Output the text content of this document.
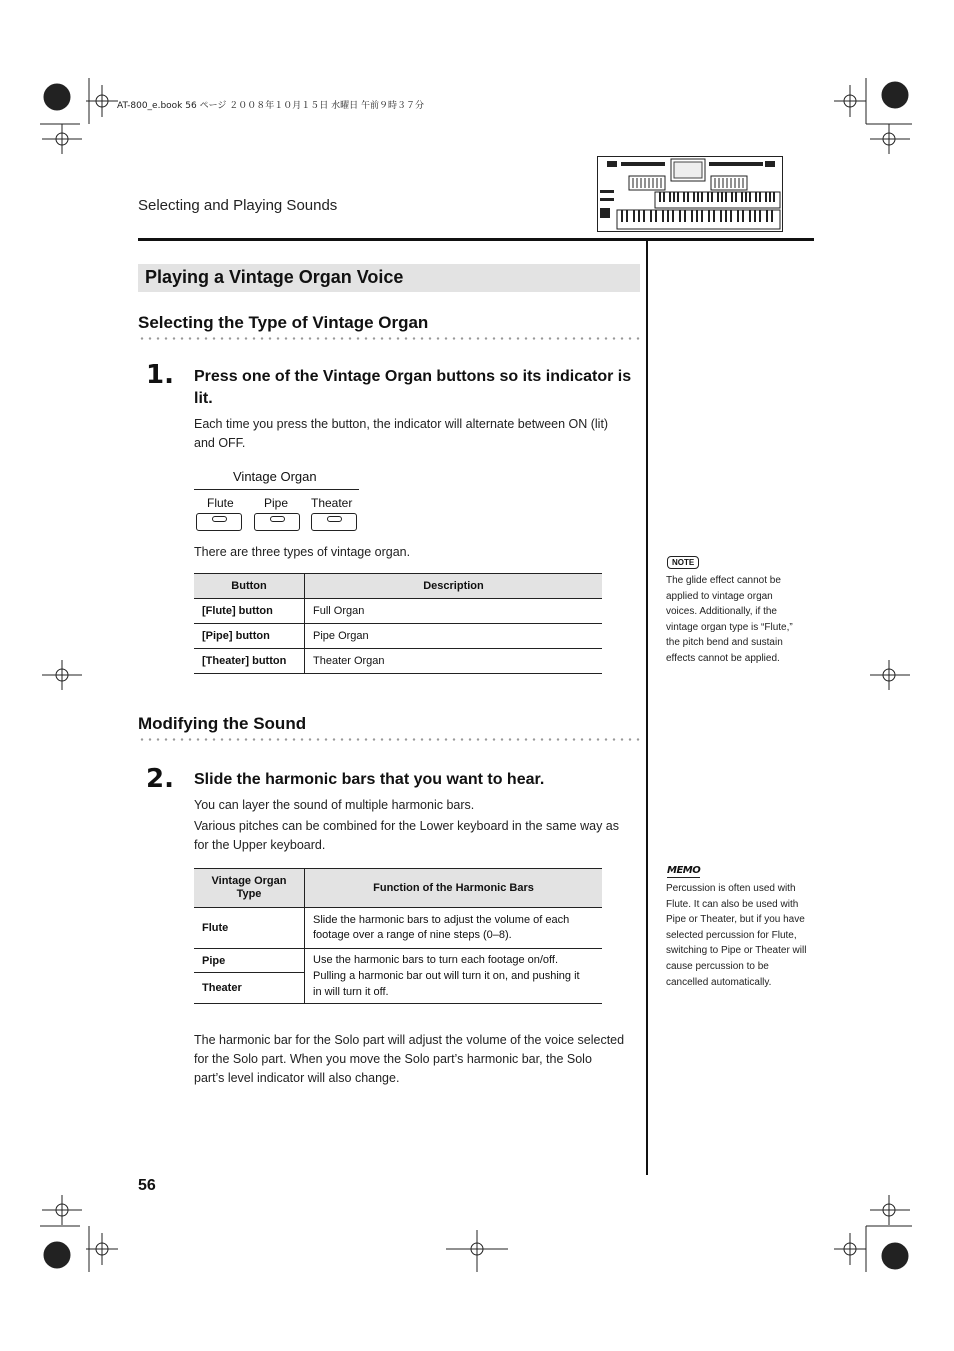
AT-800_e.book 56 ページ ２００８年１０月１５日 水曜日 午前９時３７分
Selecting and Playing Sounds
Playing a Vintage Organ Voice
Selecting the Type of Vintage Organ
1. Press one of the Vintage Organ buttons so its indicator is
lit.
Each time you press the button, the indicator will alternate between ON (lit)
and OFF.
Vintage Organ
Flute	Pipe Theater
There are three types of vintage organ.
Button	Description
[Flute] button	Full Organ
[Pipe] button	Pipe Organ
[Theater] button	Theater Organ
Modifying the Sound
2. Slide the harmonic bars that you want to hear.
You can layer the sound of multiple harmonic bars.
Various pitches can be combined for the Lower keyboard in the same way as
for the Upper keyboard.
Vintage Organ
Type	Function of the Harmonic Bars
Flute	Slide the harmonic bars to adjust the volume of each
footage over a range of nine steps (0–8).
Pipe	Use the harmonic bars to turn each footage on/off.
Pulling a harmonic bar out will turn it on, and pushing it
in will turn it off.
Theater	
The harmonic bar for the Solo part will adjust the volume of the voice selected
for the Solo part. When you move the Solo part’s harmonic bar, the Solo
part’s level indicator will also change.
NOTE
The glide effect cannot be
applied to vintage organ
voices. Additionally, if the
vintage organ type is “Flute,”
the pitch bend and sustain
effects cannot be applied.
MEMO
Percussion is often used with
Flute. It can also be used with
Pipe or Theater, but if you have
selected percussion for Flute,
switching to Pipe or Theater will
cause percussion to be
cancelled automatically.
56
